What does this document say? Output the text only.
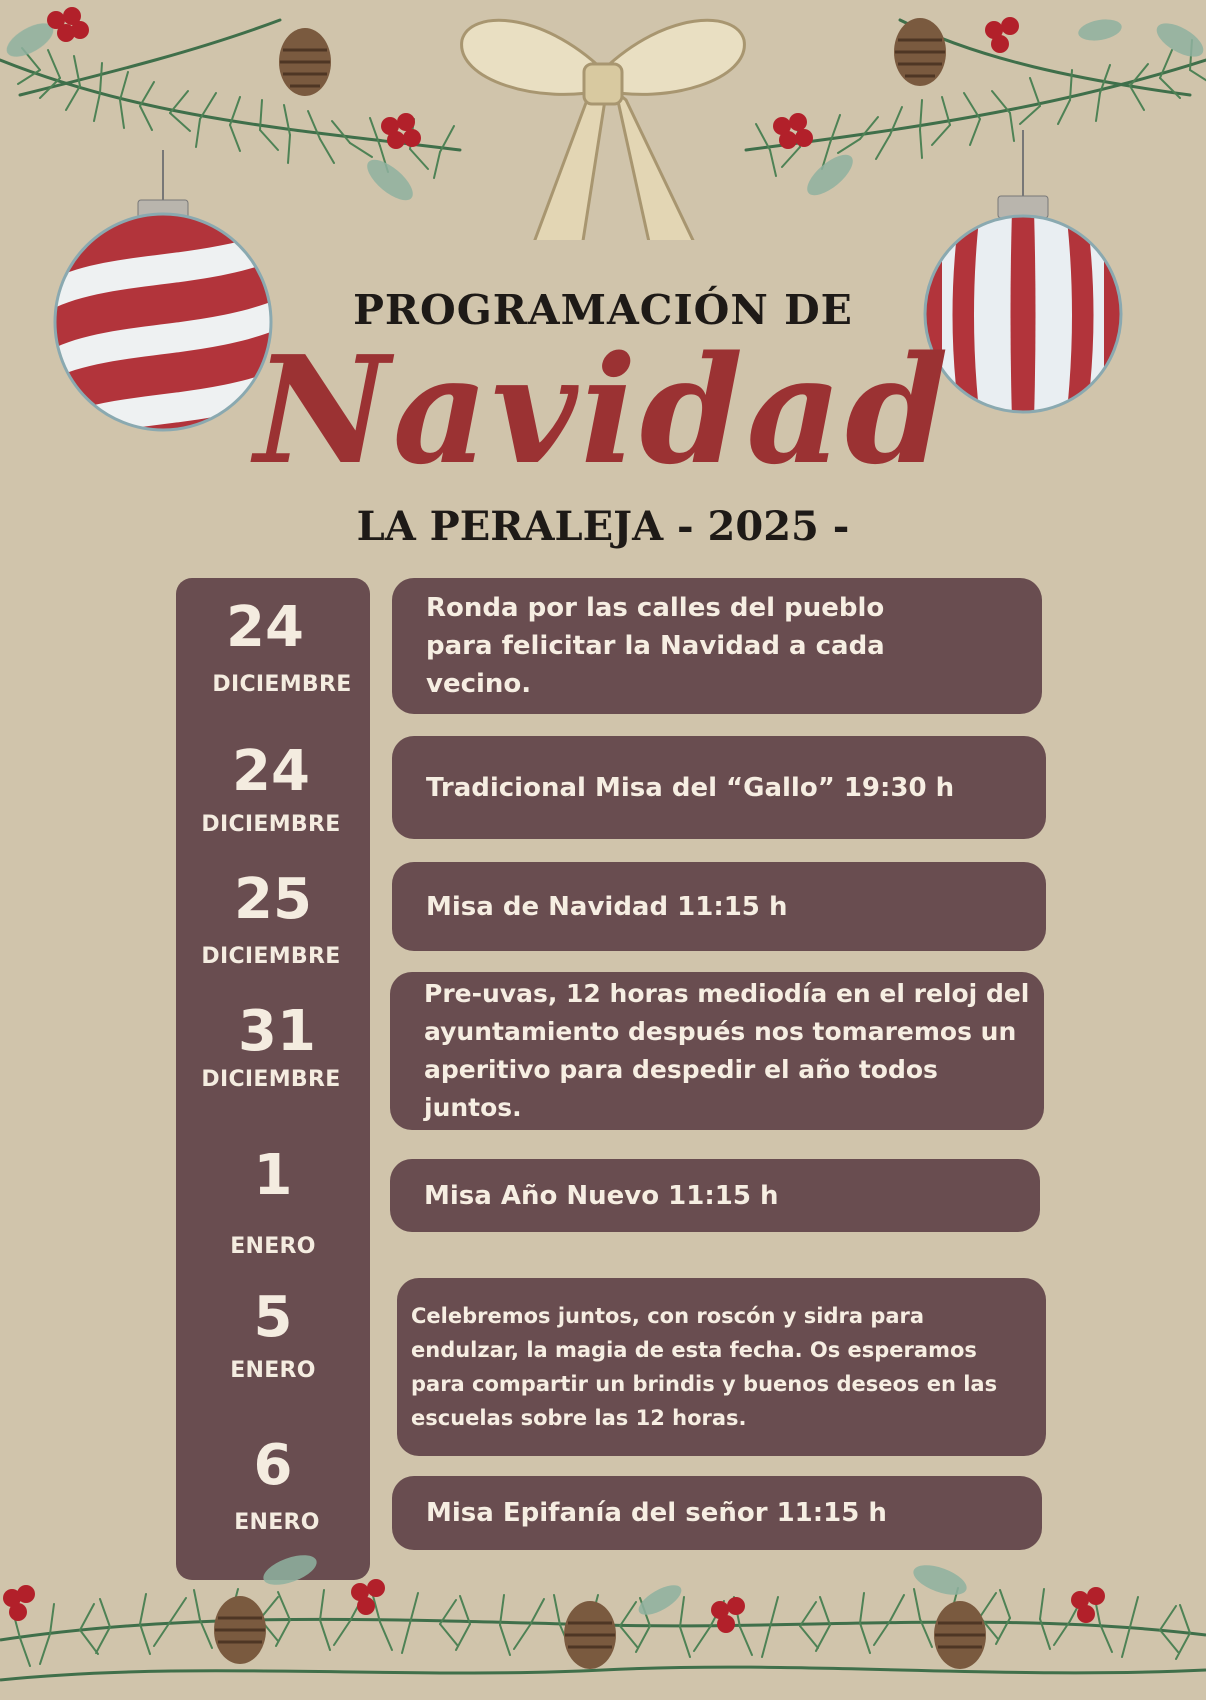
PROGRAMACIÓN DE
Navidad
LA PERALEJA - 2025 -
24
DICIEMBRE
24
DICIEMBRE
25
DICIEMBRE
31
DICIEMBRE
1
ENERO
5
ENERO
6
ENERO
Ronda por las calles del pueblo para felicitar la Navidad a cada vecino.
Tradicional Misa del “Gallo” 19:30 h
Misa de Navidad 11:15 h
Pre-uvas, 12 horas mediodía en el reloj del ayuntamiento después nos tomaremos un aperitivo para despedir el año todos juntos.
Misa Año Nuevo 11:15 h
Celebremos juntos, con roscón y sidra para endulzar, la magia de esta fecha. Os esperamos para compartir un brindis y buenos deseos en las escuelas sobre las 12 horas.
Misa Epifanía del señor 11:15 h
